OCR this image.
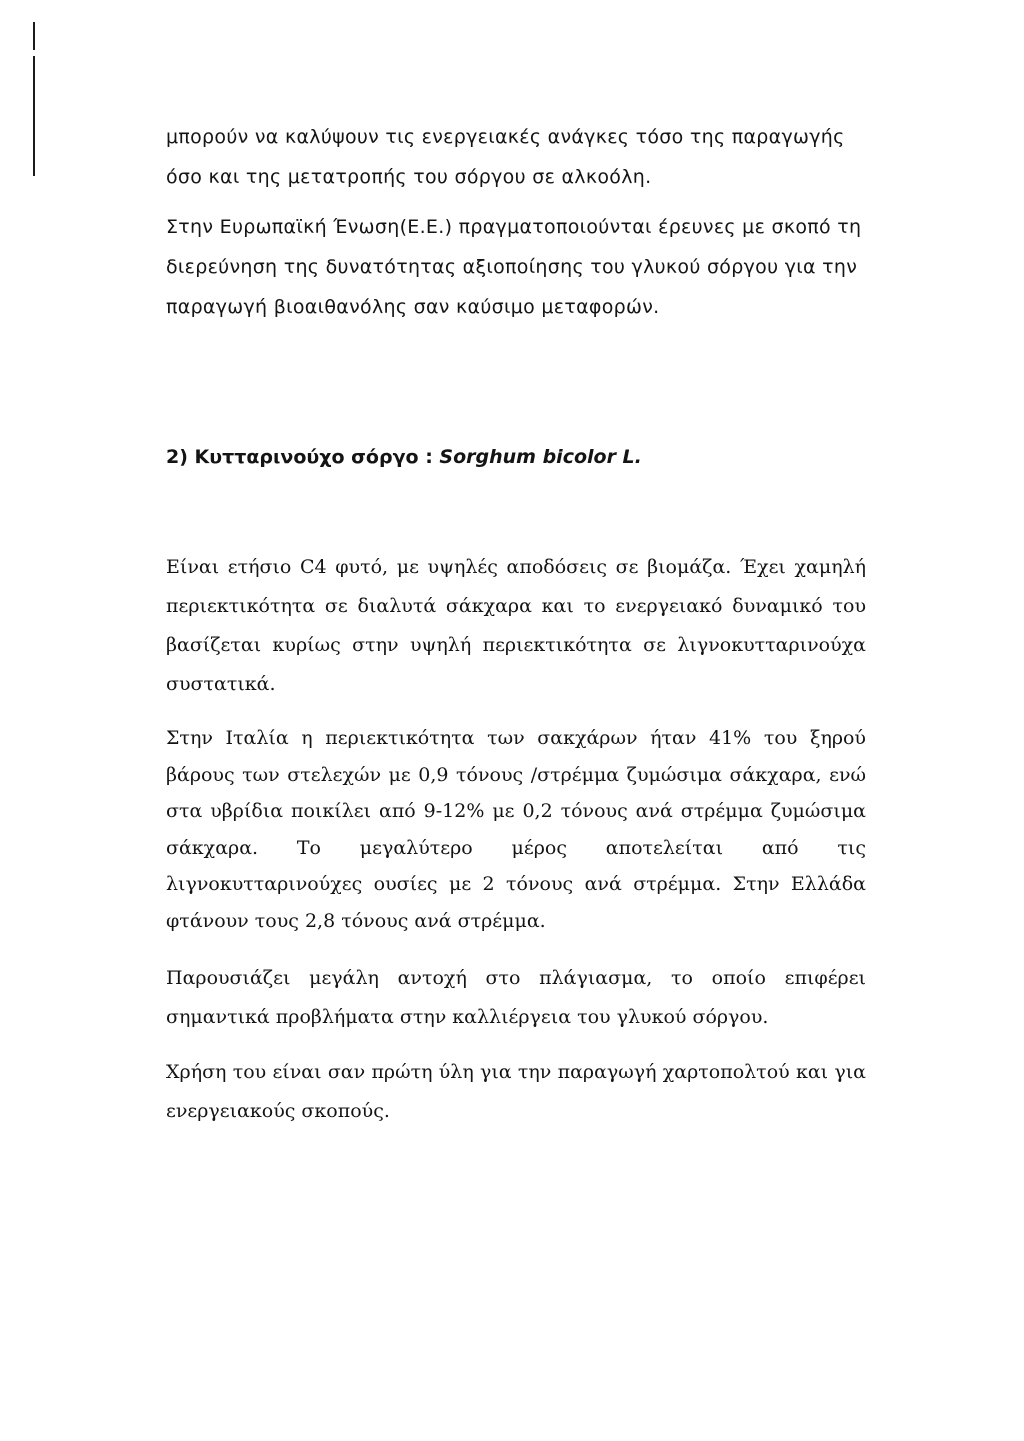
μπορούν να καλύψουν τις ενεργειακές ανάγκες τόσο της παραγωγής όσο και της μετατροπής του σόργου σε αλκοόλη.

Στην Ευρωπαϊκή Ένωση(Ε.Ε.) πραγματοποιούνται έρευνες με σκοπό τη διερεύνηση της δυνατότητας αξιοποίησης του γλυκού σόργου για την παραγωγή βιοαιθανόλης σαν καύσιμο μεταφορών.

2) Κυτταρινούχο σόργο : Sorghum bicolor L.

Είναι ετήσιο C4 φυτό, με υψηλές αποδόσεις σε βιομάζα. Έχει χαμηλή περιεκτικότητα σε διαλυτά σάκχαρα και το ενεργειακό δυναμικό του βασίζεται κυρίως στην υψηλή περιεκτικότητα σε λιγνοκυτταρινούχα συστατικά.

Στην Ιταλία η περιεκτικότητα των σακχάρων ήταν 41% του ξηρού βάρους των στελεχών με 0,9 τόνους /στρέμμα ζυμώσιμα σάκχαρα, ενώ στα υβρίδια ποικίλει από 9-12% με 0,2 τόνους ανά στρέμμα ζυμώσιμα σάκχαρα. Το μεγαλύτερο μέρος αποτελείται από τις λιγνοκυτταρινούχες ουσίες με 2 τόνους ανά στρέμμα. Στην Ελλάδα φτάνουν τους 2,8 τόνους ανά στρέμμα.

Παρουσιάζει μεγάλη αντοχή στο πλάγιασμα, το οποίο επιφέρει σημαντικά προβλήματα στην καλλιέργεια του γλυκού σόργου.

Χρήση του είναι σαν πρώτη ύλη για την παραγωγή χαρτοπολτού και για ενεργειακούς σκοπούς.
